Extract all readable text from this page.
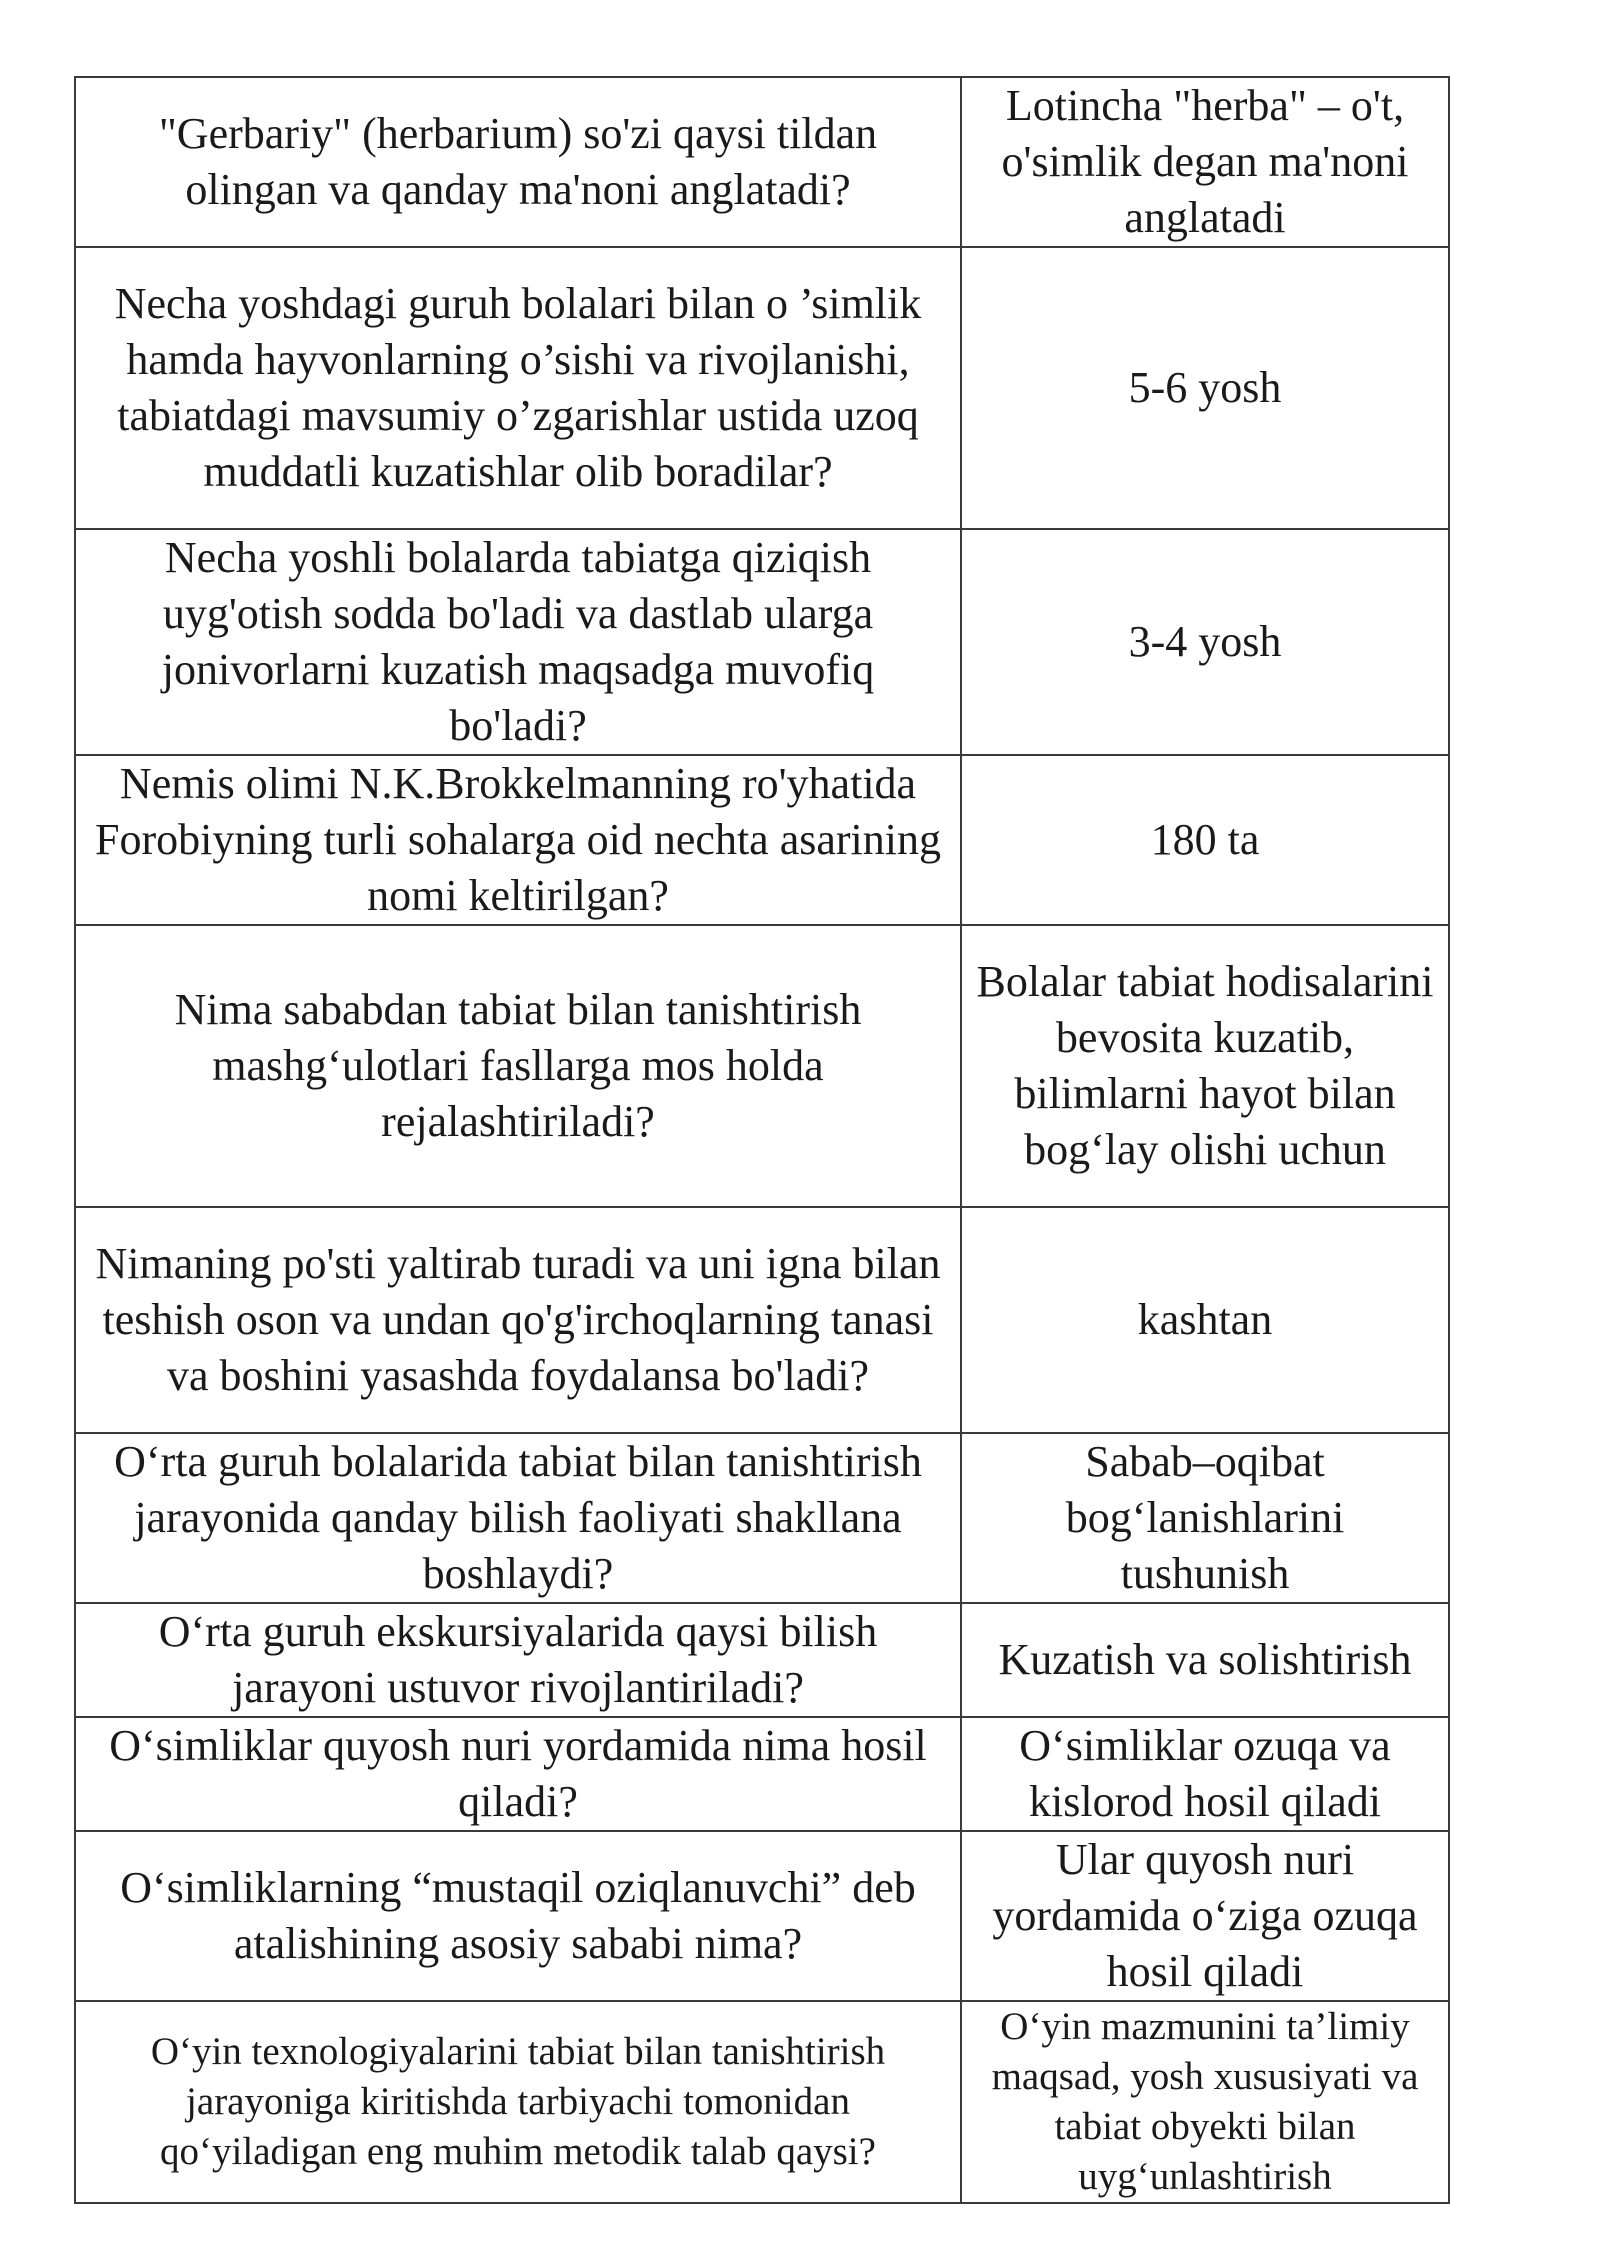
"Gerbariy" (herbarium) so'zi qaysi tildan olingan va qanday ma'noni anglatadi?	Lotincha "herba" – o't, o'simlik degan ma'noni anglatadi
Necha yoshdagi guruh bolalari bilan o ’simlik hamda hayvonlarning o’sishi va rivojlanishi, tabiatdagi mavsumiy o’zgarishlar ustida uzoq muddatli kuzatishlar olib boradilar?	5-6 yosh
Necha yoshli bolalarda tabiatga qiziqish uyg'otish sodda bo'ladi va dastlab ularga jonivorlarni kuzatish maqsadga muvofiq bo'ladi?	3-4 yosh
Nemis olimi N.K.Brokkelmanning ro'yhatida Forobiyning turli sohalarga oid nechta asarining nomi keltirilgan?	180 ta
Nima sababdan tabiat bilan tanishtirish mashg‘ulotlari fasllarga mos holda rejalashtiriladi?	Bolalar tabiat hodisalarini bevosita kuzatib, bilimlarni hayot bilan bog‘lay olishi uchun
Nimaning po'sti yaltirab turadi va uni igna bilan teshish oson va undan qo'g'irchoqlarning tanasi va boshini yasashda foydalansa bo'ladi?	kashtan
O‘rta guruh bolalarida tabiat bilan tanishtirish jarayonida qanday bilish faoliyati shakllana boshlaydi?	Sabab–oqibat bog‘lanishlarini tushunish
O‘rta guruh ekskursiyalarida qaysi bilish jarayoni ustuvor rivojlantiriladi?	Kuzatish va solishtirish
O‘simliklar quyosh nuri yordamida nima hosil qiladi?	O‘simliklar ozuqa va kislorod hosil qiladi
O‘simliklarning “mustaqil oziqlanuvchi” deb atalishining asosiy sababi nima?	Ular quyosh nuri yordamida o‘ziga ozuqa hosil qiladi
O‘yin texnologiyalarini tabiat bilan tanishtirish jarayoniga kiritishda tarbiyachi tomonidan qo‘yiladigan eng muhim metodik talab qaysi?	O‘yin mazmunini ta’limiy maqsad, yosh xususiyati va tabiat obyekti bilan uyg‘unlashtirish
